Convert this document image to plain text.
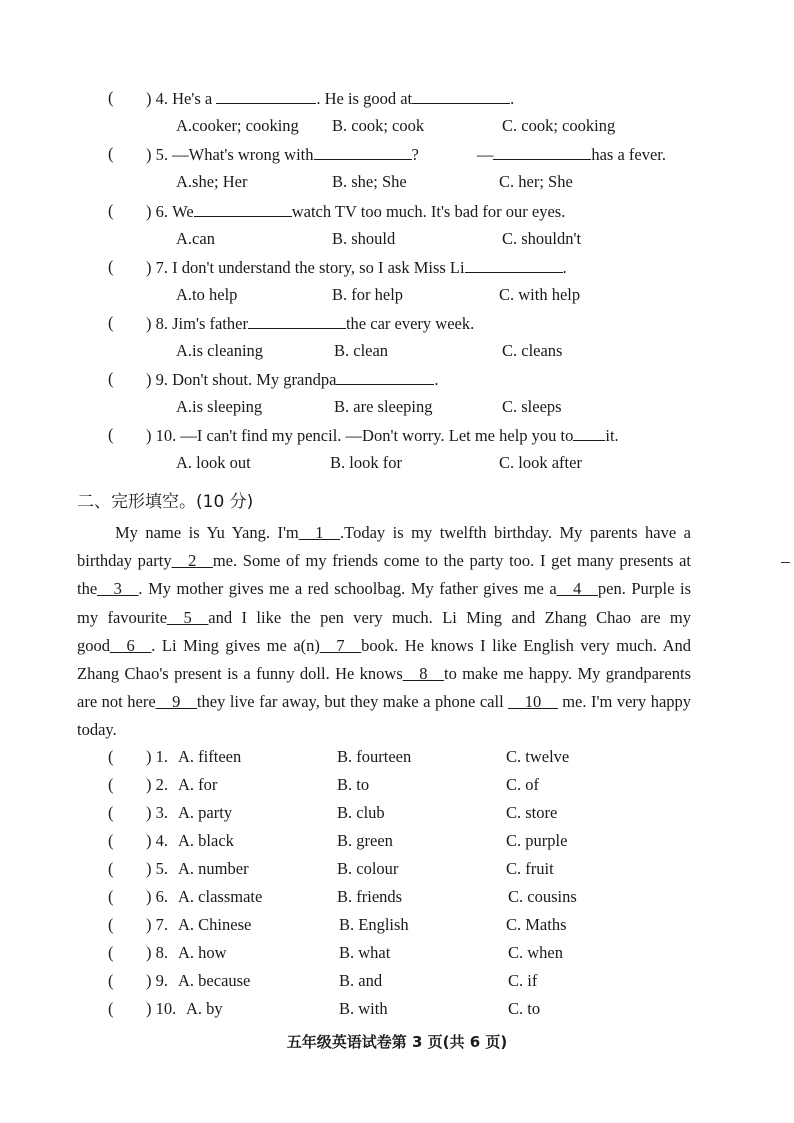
( ) 4. He's a	. He is good at	.
A.cooker; cooking B. cook; cook	C. cook; cooking
( ) 5. —What's wrong with	?	—	has a fever.
A.she; Her	B. she; She	C. her; She
( ) 6. We	watch TV too much. It's bad for our eyes.
A.can	B. should	C. shouldn't
( ) 7. I don't understand the story, so I ask Miss Li	.
A.to help	B. for help	C. with help
( ) 8. Jim's father	the car every week.
A.is cleaning	B. clean	C. cleans
( ) 9. Don't shout. My grandpa	.
A.is sleeping	B. are sleeping	C. sleeps
( ) 10. —I can't find my pencil. —Don't worry. Let me help you to it.
A. look out	B. look for	C. look after
二、完形填空。(10 分)

My name is Yu Yang. I'm__1__.Today is my twelfth birthday. My parents have a birthday party__2__me. Some of my friends come to the party too. I get many presents at the__3__. My mother gives me a red schoolbag. My father gives me a__4__pen. Purple is my favourite__5__and I like the pen very much. Li Ming and Zhang Chao are my good__6__. Li Ming gives me a(n)__7__book. He knows I like English very much. And Zhang Chao's present is a funny doll. He knows__8__to make me happy. My grandparents are not here__9__they live far away, but they make a phone call __10__ me. I'm very happy today.

( ) 1. A. fifteen	B. fourteen	C. twelve
( ) 2. A. for	B. to	C. of
( ) 3. A. party	B. club	C. store
( ) 4. A. black	B. green	C. purple
( ) 5. A. number	B. colour	C. fruit
( ) 6. A. classmate	B. friends	C. cousins
( ) 7. A. Chinese	B. English	C. Maths
( ) 8. A. how	B. what	C. when
( ) 9. A. because	B. and	C. if
( ) 10. A. by	B. with	C. to
五年级英语试卷第 3 页(共 6 页)
